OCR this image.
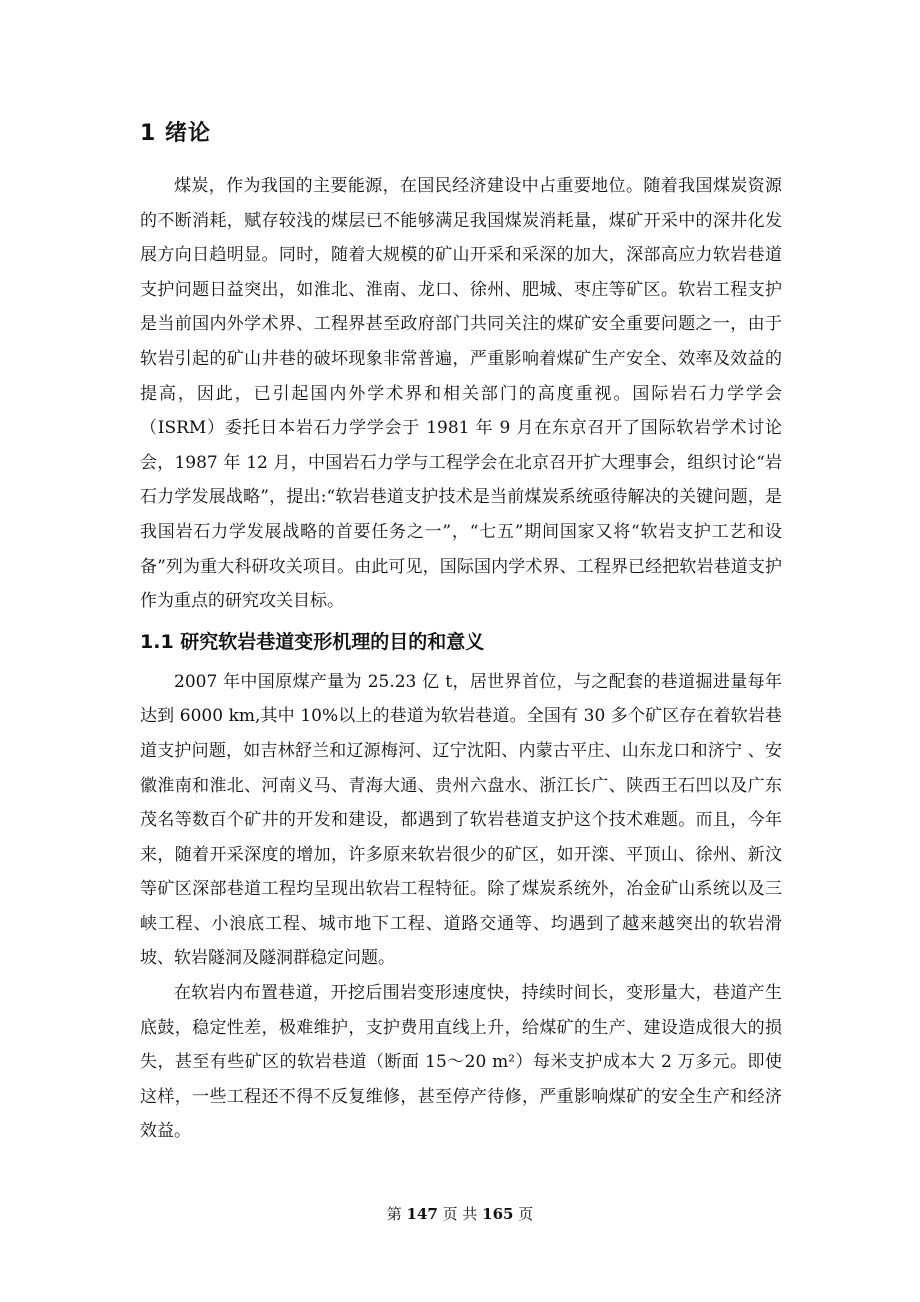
1 绪论

煤炭，作为我国的主要能源，在国民经济建设中占重要地位。随着我国煤炭资源的不断消耗，赋存较浅的煤层已不能够满足我国煤炭消耗量，煤矿开采中的深井化发展方向日趋明显。同时，随着大规模的矿山开采和采深的加大，深部高应力软岩巷道支护问题日益突出，如淮北、淮南、龙口、徐州、肥城、枣庄等矿区。软岩工程支护是当前国内外学术界、工程界甚至政府部门共同关注的煤矿安全重要问题之一，由于软岩引起的矿山井巷的破坏现象非常普遍，严重影响着煤矿生产安全、效率及效益的提高，因此，已引起国内外学术界和相关部门的高度重视。国际岩石力学学会（ISRM）委托日本岩石力学学会于 1981 年 9 月在东京召开了国际软岩学术讨论会，1987 年 12 月，中国岩石力学与工程学会在北京召开扩大理事会，组织讨论“岩石力学发展战略”，提出:“软岩巷道支护技术是当前煤炭系统亟待解决的关键问题，是我国岩石力学发展战略的首要任务之一”，“七五”期间国家又将“软岩支护工艺和设备”列为重大科研攻关项目。由此可见，国际国内学术界、工程界已经把软岩巷道支护作为重点的研究攻关目标。

1.1 研究软岩巷道变形机理的目的和意义

2007 年中国原煤产量为 25.23 亿 t，居世界首位，与之配套的巷道掘进量每年达到 6000 km,其中 10%以上的巷道为软岩巷道。全国有 30 多个矿区存在着软岩巷道支护问题，如吉林舒兰和辽源梅河、辽宁沈阳、内蒙古平庄、山东龙口和济宁 、安徽淮南和淮北、河南义马、青海大通、贵州六盘水、浙江长广、陕西王石凹以及广东茂名等数百个矿井的开发和建设，都遇到了软岩巷道支护这个技术难题。而且，今年来，随着开采深度的增加，许多原来软岩很少的矿区，如开滦、平顶山、徐州、新汶等矿区深部巷道工程均呈现出软岩工程特征。除了煤炭系统外，冶金矿山系统以及三峡工程、小浪底工程、城市地下工程、道路交通等、均遇到了越来越突出的软岩滑坡、软岩隧洞及隧洞群稳定问题。

在软岩内布置巷道，开挖后围岩变形速度快，持续时间长，变形量大，巷道产生底鼓，稳定性差，极难维护，支护费用直线上升，给煤矿的生产、建设造成很大的损失，甚至有些矿区的软岩巷道（断面 15～20 m²）每米支护成本大 2 万多元。即使这样，一些工程还不得不反复维修，甚至停产待修，严重影响煤矿的安全生产和经济效益。

第 147 页 共 165 页
